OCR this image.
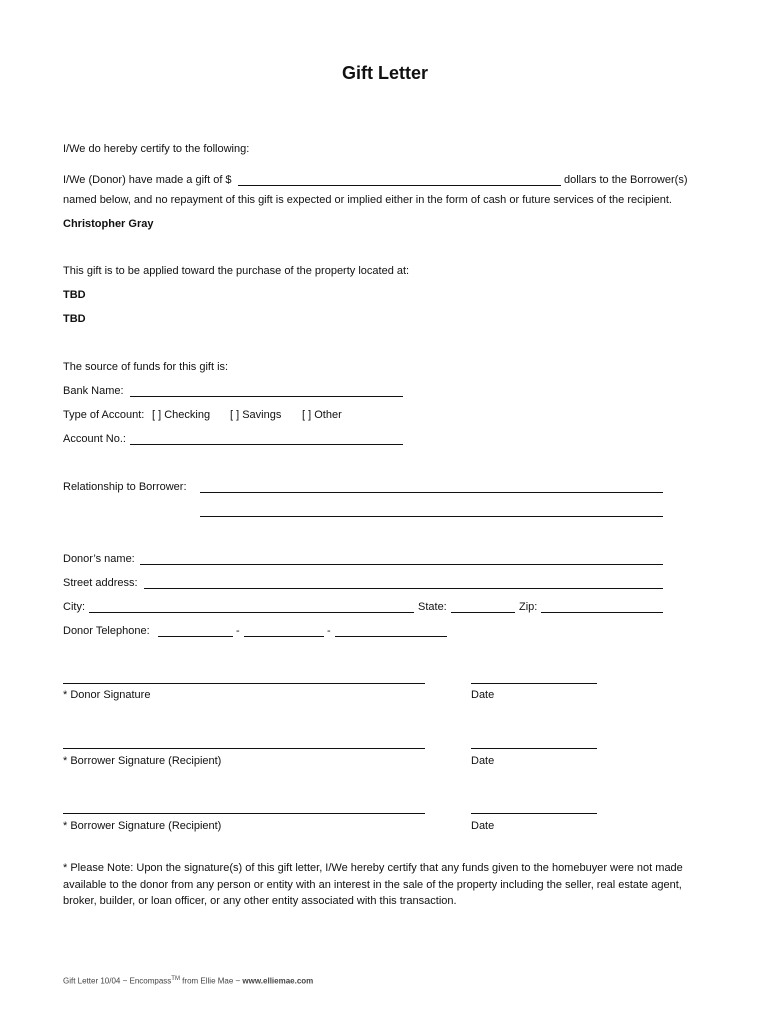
Gift Letter
I/We do hereby certify to the following:
I/We (Donor) have made a gift of $	dollars to the Borrower(s)
named below, and no repayment of this gift is expected or implied either in the form of cash or future services of the recipient.
Christopher Gray
This gift is to be applied toward the purchase of the property located at:
TBD
TBD
The source of funds for this gift is:
Bank Name:
Type of Account: [ ] Checking [ ] Savings [ ] Other
Account No.:
Relationship to Borrower:
Donor’s name:
Street address:
City:	State:	Zip:
Donor Telephone:	-	-
* Donor Signature	Date
* Borrower Signature (Recipient)	Date
* Borrower Signature (Recipient)	Date
* Please Note: Upon the signature(s) of this gift letter, I/We hereby certify that any funds given to the homebuyer were not made available to the donor from any person or entity with an interest in the sale of the property including the seller, real estate agent, broker, builder, or loan officer, or any other entity associated with this transaction.
Gift Letter 10/04 ~ Encompass™ from Ellie Mae ~ www.elliemae.com
